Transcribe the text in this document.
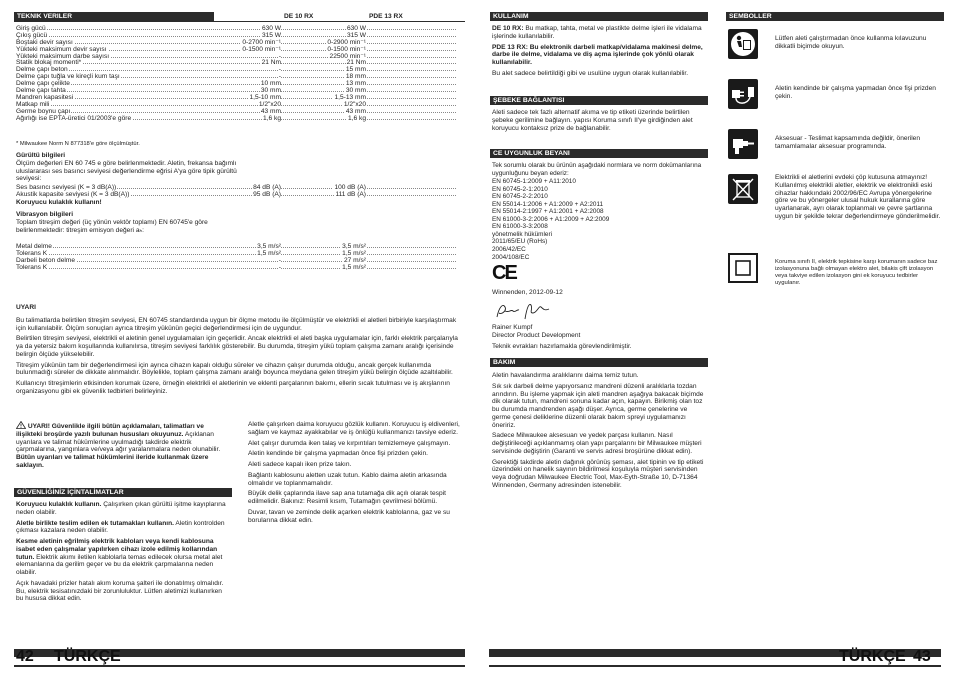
TEKNIK VERILER	DE 10 RX	PDE 13 RX
Giriş gücü	630 W	630 W
Çıkış gücü	315 W	315 W
Boştaki devir sayısı	0-2700 min⁻¹	0-2900 min⁻¹
Yükteki maksimum devir sayısı	0-1500 min⁻¹	0-1500 min⁻¹
Yükteki maksimum darbe sayısı	-	22500 min⁻¹
Statik blokaj momenti*	21 Nm	21 Nm
Delme çapı beton	-	15 mm
Delme çapı tuğla ve kireçli kum taşı	-	18 mm
Delme çapı çelikte	10 mm	13 mm
Delme çapı tahta	30 mm	30 mm
Mandren kapasitesi	1,5-10 mm	1,5-13 mm
Matkap mili	1/2"x20	1/2"x20
Germe boynu çapı	43 mm	43 mm
Ağırlığı ise EPTA-üretici 01/2003'e göre	1,6 kg	1,6 kg
* Milwaukee Norm N 877318'e göre ölçülmüştür.
Gürültü bilgileri
Ölçüm değerleri EN 60 745 e göre belirlenmektedir. Aletin, frekansa bağımlı uluslararası ses basıncı seviyesi değerlendirme eğrisi A'ya göre tipik gürültü seviyesi:
Ses basıncı seviyesi (K = 3 dB(A))	84 dB (A)	100 dB (A)
Akustik kapasite seviyesi (K = 3 dB(A))	95 dB (A)	111 dB (A)
Koruyucu kulaklık kullanın!
Vibrasyon bilgileri
Toplam titreşim değeri (üç yönün vektör toplamı) EN 60745'e göre belirlenmektedir: titreşim emisyon değeri aₕ:
Metal delme	3,5 m/s²	3,5 m/s²
Tolerans K	1,5 m/s²	1,5 m/s²
Darbeli beton delme	-	27 m/s²
Tolerans K	-	1,5 m/s²
UYARI

Bu talimatlarda belirtilen titreşim seviyesi, EN 60745 standardında uygun bir ölçme metodu ile ölçülmüştür ve elektrikli el aletleri birbiriyle karşılaştırmak için kullanılabilir. Ölçüm sonuçları ayrıca titreşim yükünün geçici değerlendirmesi için de uygundur.

Belirtilen titreşim seviyesi, elektrikli el aletinin genel uygulamaları için geçerlidir. Ancak elektrikli el aleti başka uygulamalar için, farklı elektrik parçalarıyla ya da yetersiz bakım koşullarında kullanılırsa, titreşim seviyesi farklılık gösterebilir. Bu durumda, titreşim yükü toplam çalışma zamanı aralığı içerisinde belirgin ölçüde yükselebilir.

Titreşim yükünün tam bir değerlendirmesi için ayrıca cihazın kapalı olduğu süreler ve cihazın çalışır durumda olduğu, ancak gerçek kullanımda bulunmadığı süreler de dikkate alınmalıdır. Böylelikle, toplam çalışma zamanı aralığı boyunca meydana gelen titreşim yükü belirgin ölçüde azaltılabilir.

Kullanıcıyı titreşimlerin etkisinden korumak üzere, örneğin elektrikli el aletlerinin ve eklenti parçalarının bakımı, ellerin sıcak tutulması ve iş akışlarının organizasyonu gibi ek güvenlik tedbirleri belirleyiniz.

UYARI! Güvenlikle ilgili bütün açıklamaları, talimatları ve ilişikteki broşürde yazılı bulunan hususları okuyunuz. Açıklanan uyarılara ve talimat hükümlerine uyulmadığı takdirde elektrik çarpmalarına, yangınlara ve/veya ağır yaralanmalara neden olunabilir.

Bütün uyarıları ve talimat hükümlerini ileride kullanmak üzere saklayın.

GÜVENLİĞİNİZ İÇİNTALİMATLAR

Koruyucu kulaklık kullanın. Çalışırken çıkan gürültü işitme kayıplarına neden olabilir.

Aletle birlikte teslim edilen ek tutamakları kullanın. Aletin kontrolden çıkması kazalara neden olabilir.

Kesme aletinin eğrilmiş elektrik kabloları veya kendi kablosuna isabet eden çalışmalar yapılırken cihazı izole edilmiş kollarından tutun. Elektrik akımı iletilen kablolarla temas edilecek olursa metal alet elemanlarına da gerilim geçer ve bu da elektrik çarpmalarına neden olabilir.

Açık havadaki prizler hatalı akım koruma şalteri ile donatılmış olmalıdır. Bu, elektrik tesisatınızdaki bir zorunluluktur. Lütfen aletimizi kullanırken bu hususa dikkat edin.

Aletle çalışırken daima koruyucu gözlük kullanın. Koruyucu iş eldivenleri, sağlam ve kaymaz ayakkabılar ve iş önlüğü kullanmanızı tavsiye ederiz.

Alet çalışır durumda iken talaş ve kırpıntıları temizlemeye çalışmayın.

Aletin kendinde bir çalışma yapmadan önce fişi prizden çekin.

Aleti sadece kapalı iken prize takın.

Bağlantı kablosunu aletten uzak tutun. Kablo daima aletin arkasında olmalıdır ve toplanmamalıdır.

Büyük delik çaplarında ilave sap ana tutamağa dik açılı olarak tespit edilmelidir. Bakınız: Resimli kısım, Tutamağın çevrilmesi bölümü.

Duvar, tavan ve zeminde delik açarken elektrik kablolarına, gaz ve su borularına dikkat edin.

42 TÜRKÇE
KULLANIM

DE 10 RX: Bu matkap, tahta, metal ve plastikte delme işleri ile vidalama işlerinde kullanılabilir.

PDE 13 RX: Bu elektronik darbeli matkap/vidalama makinesi delme, darbe ile delme, vidalama ve diş açma işlerinde çok yönlü olarak kullanılabilir.

Bu alet sadece belirtildiği gibi ve usulüne uygun olarak kullanılabilir.

ŞEBEKE BAĞLANTISI
Aleti sadece tek fazlı alternatif akıma ve tip etiketi üzerinde belirtilen şebeke gerilimine bağlayın. yapısı Koruma sınıfı II'ye girdiğinden alet koruyucu kontaksız prize de bağlanabilir.
CE UYGUNLUK BEYANI
Tek sorumlu olarak bu ürünün aşağıdaki normlara ve norm dokümanlarına uygunluğunu beyan ederiz:
EN 60745-1:2009 + A11:2010
EN 60745-2-1:2010
EN 60745-2-2:2010
EN 55014-1:2006 + A1:2009 + A2:2011
EN 55014-2:1997 + A1:2001 + A2:2008
EN 61000-3-2:2006 + A1:2009 + A2:2009
EN 61000-3-3:2008
yönetmelik hükümleri
2011/65/EU (RoHs)
2006/42/EC
2004/108/EC
CE
Winnenden, 2012-09-12
Rainer Kumpf
Director Product Development
Teknik evrakları hazırlamakla görevlendirilmiştir.
BAKIM

Aletin havalandırma aralıklarını daima temiz tutun.

Sık sık darbeli delme yapıyorsanız mandreni düzenli aralıklarla tozdan arındırın. Bu işleme yapmak için aleti mandren aşağıya bakacak biçimde dik olarak tutun, mandreni sonuna kadar açın, kapayın. Birikmiş olan toz bu durumda mandrenden aşağı düşer. Ayrıca, germe çenelerine ve germe çenesi deliklerine düzenli olarak bakım spreyi uygulamanızı öneririz.

Sadece Milwaukee aksesuarı ve yedek parçası kullanın. Nasıl değiştirileceği açıklanmamış olan yapı parçalarını bir Milwaukee müşteri servisinde değiştirin (Garanti ve servis adresi broşürüne dikkat edin).

Gerektiği takdirde aletin dağınık görünüş şeması, alet tipinin ve tip etiketi üzerindeki on hanelik sayının bildirilmesi koşuluyla müşteri servisinden veya doğrudan Milwaukee Electric Tool, Max-Eyth-Straße 10, D-71364 Winnenden, Germany adresinden istenebilir.

SEMBOLLER
Lütfen aleti çalıştırmadan önce kullanma kılavuzunu dikkatli biçimde okuyun.
Aletin kendinde bir çalışma yapmadan önce fişi prizden çekin.
Aksesuar - Teslimat kapsamında değildir, önerilen tamamlamalar aksesuar programında.
Elektrikli el aletlerini evdeki çöp kutusuna atmayınız! Kullanılmış elektrikli aletler, elektrik ve elektronikli eski cihazlar hakkındaki 2002/96/EC Avrupa yönergelerine göre ve bu yönergeler ulusal hukuk kurallarına göre uyarlanarak, ayrı olarak toplanmalı ve çevre şartlarına uygun bir şekilde tekrar değerlendirmeye gönderilmelidir.
Koruma sınıfı II, elektrik tepkisine karşı korumanın sadece baz izolasyonuna bağlı olmayan elektro alet, bilakis çift izolasyon veya takviye edilen izolasyon gini ek koruyucu tedbirler uygulanır.
TÜRKÇE 43
